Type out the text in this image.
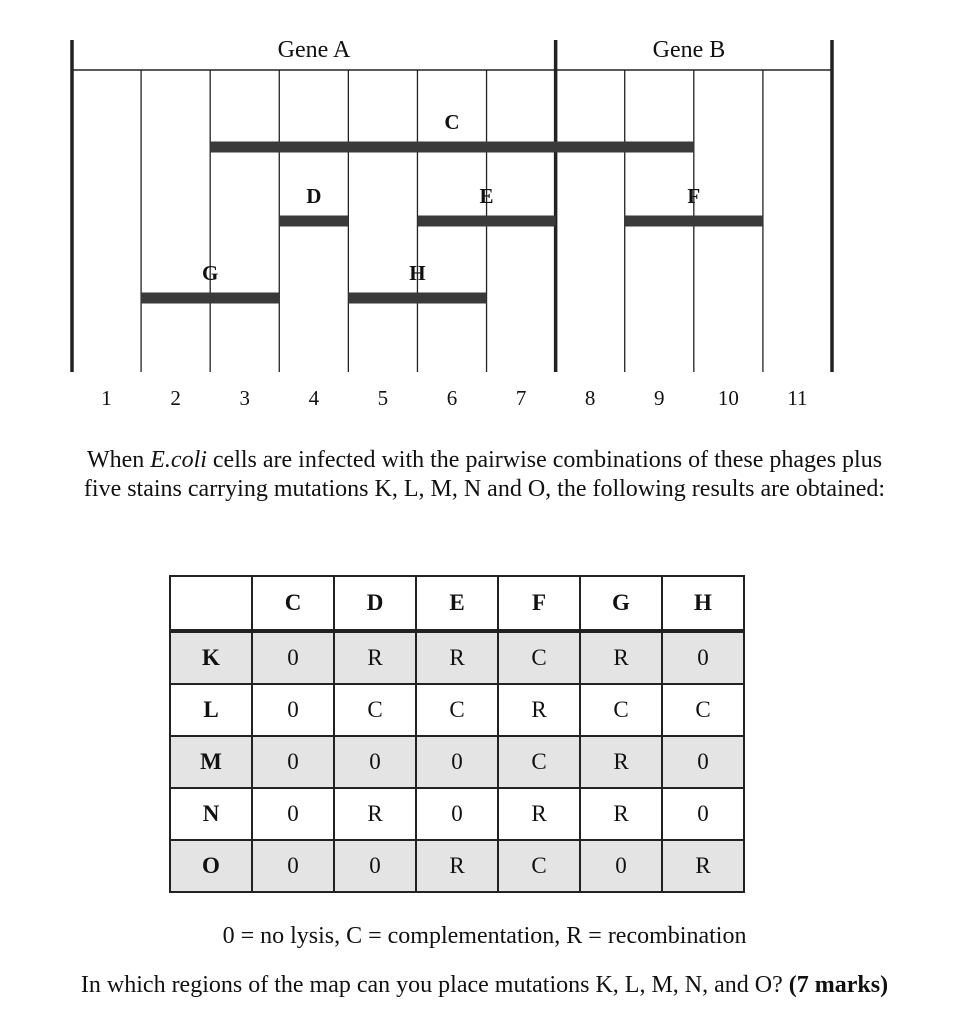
C
D	E	F
G	H
Gene A	Gene B
1	2	3	4	5	6	7	8	9	10 11
When E.coli cells are infected with the pairwise combinations of these phages plus
five stains carrying mutations K, L, M, N and O, the following results are obtained:
	C	D	E	F	G	H
K	0	R	R	C	R	0
L	0	C	C	R	C	C
M	0	0	0	C	R	0
N	0	R	0	R	R	0
O	0	0	R	C	0	R
0 = no lysis, C = complementation, R = recombination
In which regions of the map can you place mutations K, L, M, N, and O? (7 marks)
